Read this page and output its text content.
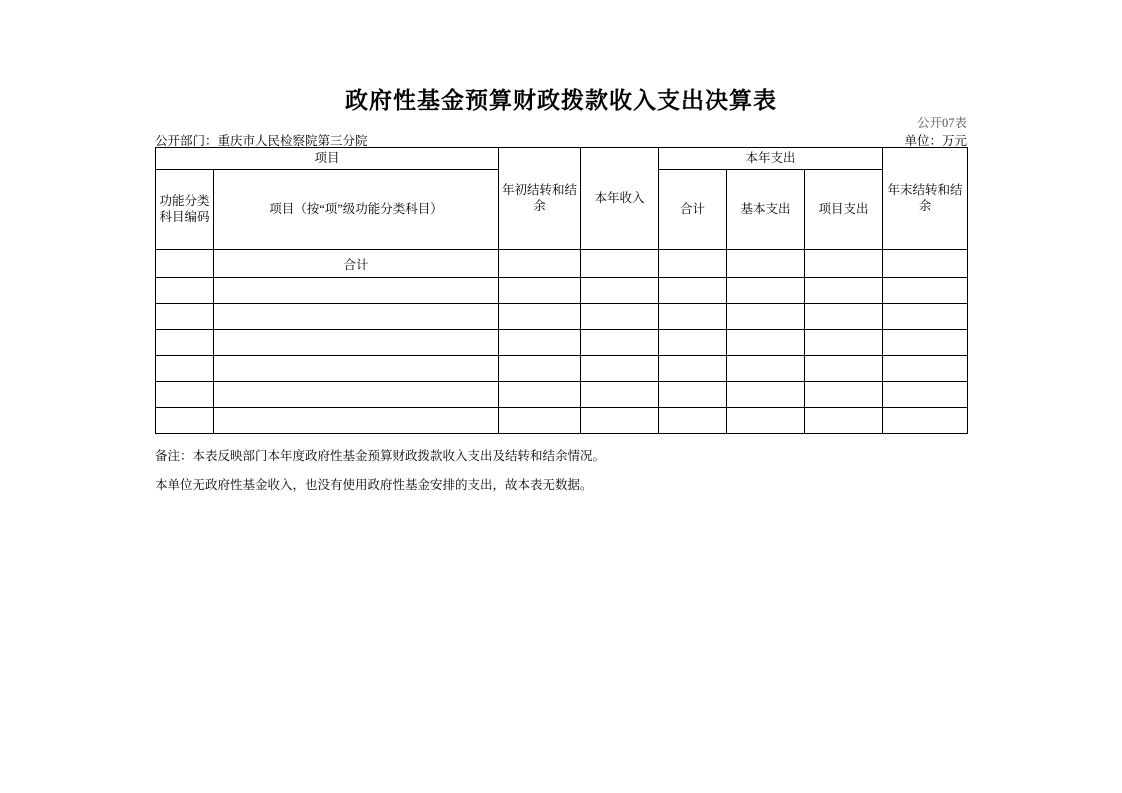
政府性基金预算财政拨款收入支出决算表
公开07表
公开部门：重庆市人民检察院第三分院	单位：万元
项目		年初结转和结余	本年收入	本年支出			年末结转和结余
功能分类科目编码	项目（按“项”级功能分类科目）			合计	基本支出	项目支出	
	合计						

备注：本表反映部门本年度政府性基金预算财政拨款收入支出及结转和结余情况。
本单位无政府性基金收入，也没有使用政府性基金安排的支出，故本表无数据。
